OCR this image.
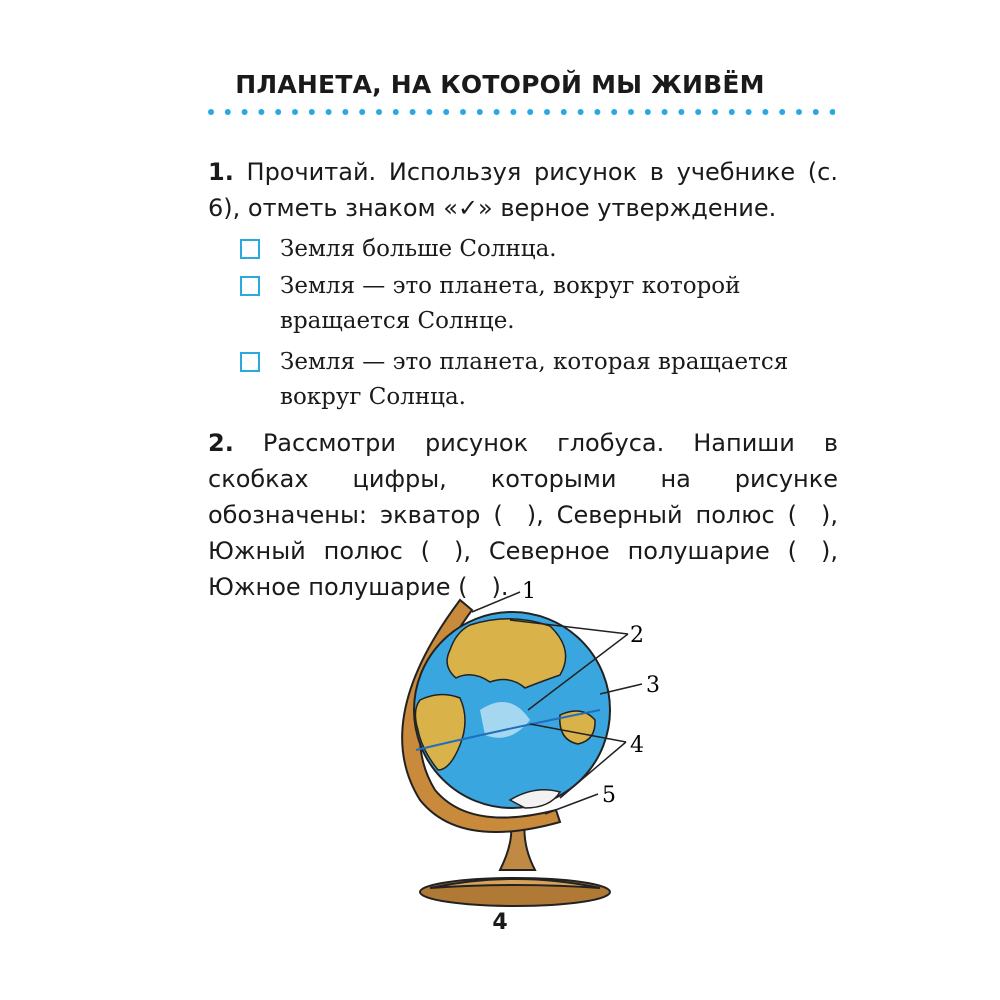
ПЛАНЕТА, НА КОТОРОЙ МЫ ЖИВЁМ
1. Прочитай. Используя рисунок в учебнике (с. 6), отметь знаком «✓» верное утверждение.
Земля больше Солнца.
Земля — это планета, вокруг которой вращается Солнце.
Земля — это планета, которая вращается вокруг Солнца.
2. Рассмотри рисунок глобуса. Напиши в скобках цифры, которыми на рисунке обозначены: экватор ( ), Северный полюс ( ), Южный полюс ( ), Северное полушарие ( ), Южное полушарие ( ). 1
2
3
4
5
4
